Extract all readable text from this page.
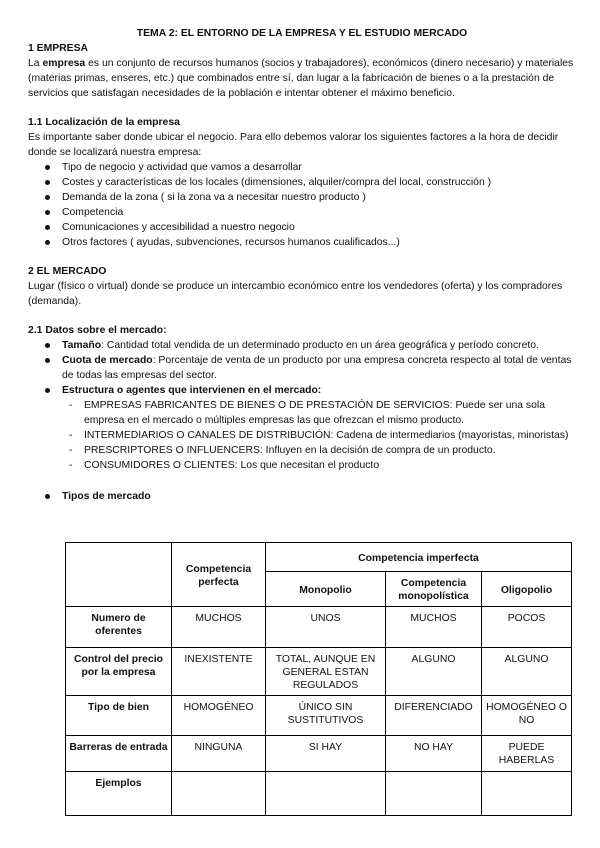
TEMA 2: EL ENTORNO DE LA EMPRESA Y EL ESTUDIO MERCADO

1 EMPRESA

La empresa es un conjunto de recursos humanos (socios y trabajadores), económicos (dinero necesario) y materiales (materias primas, enseres, etc.) que combinados entre sí, dan lugar a la fabricación de bienes o a la prestación de servicios que satisfagan necesidades de la población e intentar obtener el máximo beneficio.

1.1 Localización de la empresa

Es importante saber donde ubicar el negocio. Para ello debemos valorar los siguientes factores a la hora de decidir donde se localizará nuestra empresa:

Tipo de negocio y actividad que vamos a desarrollar
Costes y características de los locales (dimensiones, alquiler/compra del local, construcción )
Demanda de la zona ( si la zona va a necesitar nuestro producto )
Competencia
Comunicaciones y accesibilidad a nuestro negocio
Otros factores ( ayudas, subvenciones, recursos humanos cualificados...)

2 EL MERCADO

Lugar (físico o virtual) donde se produce un intercambio económico entre los vendedores (oferta) y los compradores (demanda).

2.1 Datos sobre el mercado:

Tamaño: Cantidad total vendida de un determinado producto en un área geográfica y período concreto.
Cuota de mercado: Porcentaje de venta de un producto por una empresa concreta respecto al total de ventas de todas las empresas del sector.
Estructura o agentes que intervienen en el mercado:
- EMPRESAS FABRICANTES DE BIENES O DE PRESTACIÓN DE SERVICIOS: Puede ser una sola empresa en el mercado o múltiples empresas las que ofrezcan el mismo producto.
- INTERMEDIARIOS O CANALES DE DISTRIBUCIÓN: Cadena de intermediarios (mayoristas, minoristas)
- PRESCRIPTORES O INFLUENCERS: Influyen en la decisión de compra de un producto.
- CONSUMIDORES O CLIENTES: Los que necesitan el producto
Tipos de mercado
	Competencia perfecta	Competencia imperfecta		
		Monopolio	Competencia monopolística	Oligopolio
Numero de oferentes	MUCHOS	UNOS	MUCHOS	POCOS
Control del precio por la empresa	INEXISTENTE	TOTAL, AUNQUE EN GENERAL ESTAN REGULADOS	ALGUNO	ALGUNO
Tipo de bien	HOMOGÉNEO	ÚNICO SIN SUSTITUTIVOS	DIFERENCIADO	HOMOGÉNEO O NO
Barreras de entrada	NINGUNA	SI HAY	NO HAY	PUEDE HABERLAS
Ejemplos				
